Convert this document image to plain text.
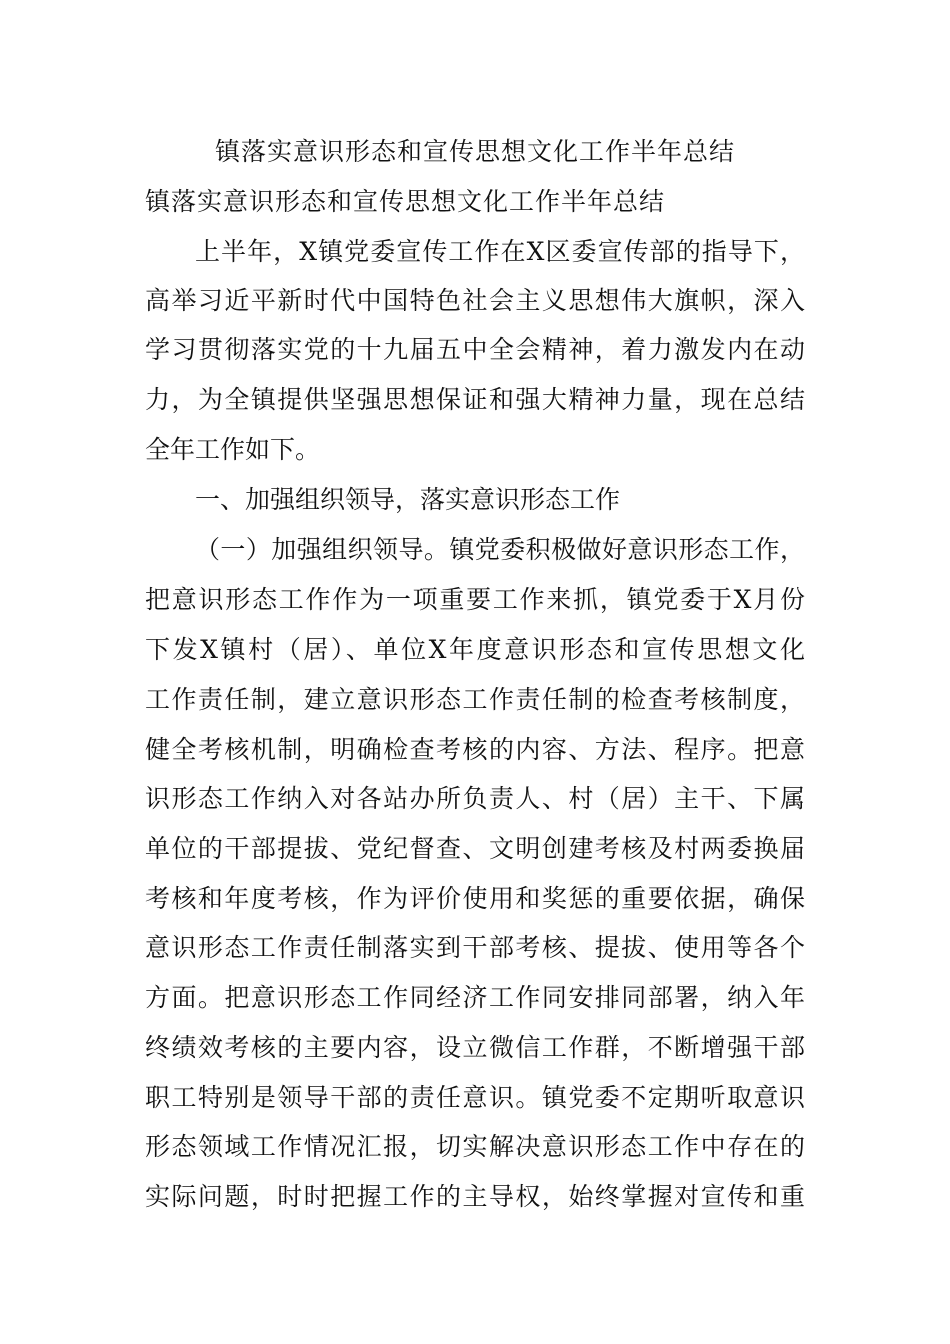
镇落实意识形态和宣传思想文化工作半年总结
镇落实意识形态和宣传思想文化工作半年总结
上半年，X镇党委宣传工作在X区委宣传部的指导下，
高举习近平新时代中国特色社会主义思想伟大旗帜，深入
学习贯彻落实党的十九届五中全会精神，着力激发内在动
力，为全镇提供坚强思想保证和强大精神力量，现在总结
全年工作如下。
一、加强组织领导，落实意识形态工作
（一）加强组织领导。镇党委积极做好意识形态工作，
把意识形态工作作为一项重要工作来抓，镇党委于X月份
下发X镇村（居）、单位X年度意识形态和宣传思想文化
工作责任制，建立意识形态工作责任制的检查考核制度，
健全考核机制，明确检查考核的内容、方法、程序。把意
识形态工作纳入对各站办所负责人、村（居）主干、下属
单位的干部提拔、党纪督查、文明创建考核及村两委换届
考核和年度考核，作为评价使用和奖惩的重要依据，确保
意识形态工作责任制落实到干部考核、提拔、使用等各个
方面。把意识形态工作同经济工作同安排同部署，纳入年
终绩效考核的主要内容，设立微信工作群，不断增强干部
职工特别是领导干部的责任意识。镇党委不定期听取意识
形态领域工作情况汇报，切实解决意识形态工作中存在的
实际问题，时时把握工作的主导权，始终掌握对宣传和重
